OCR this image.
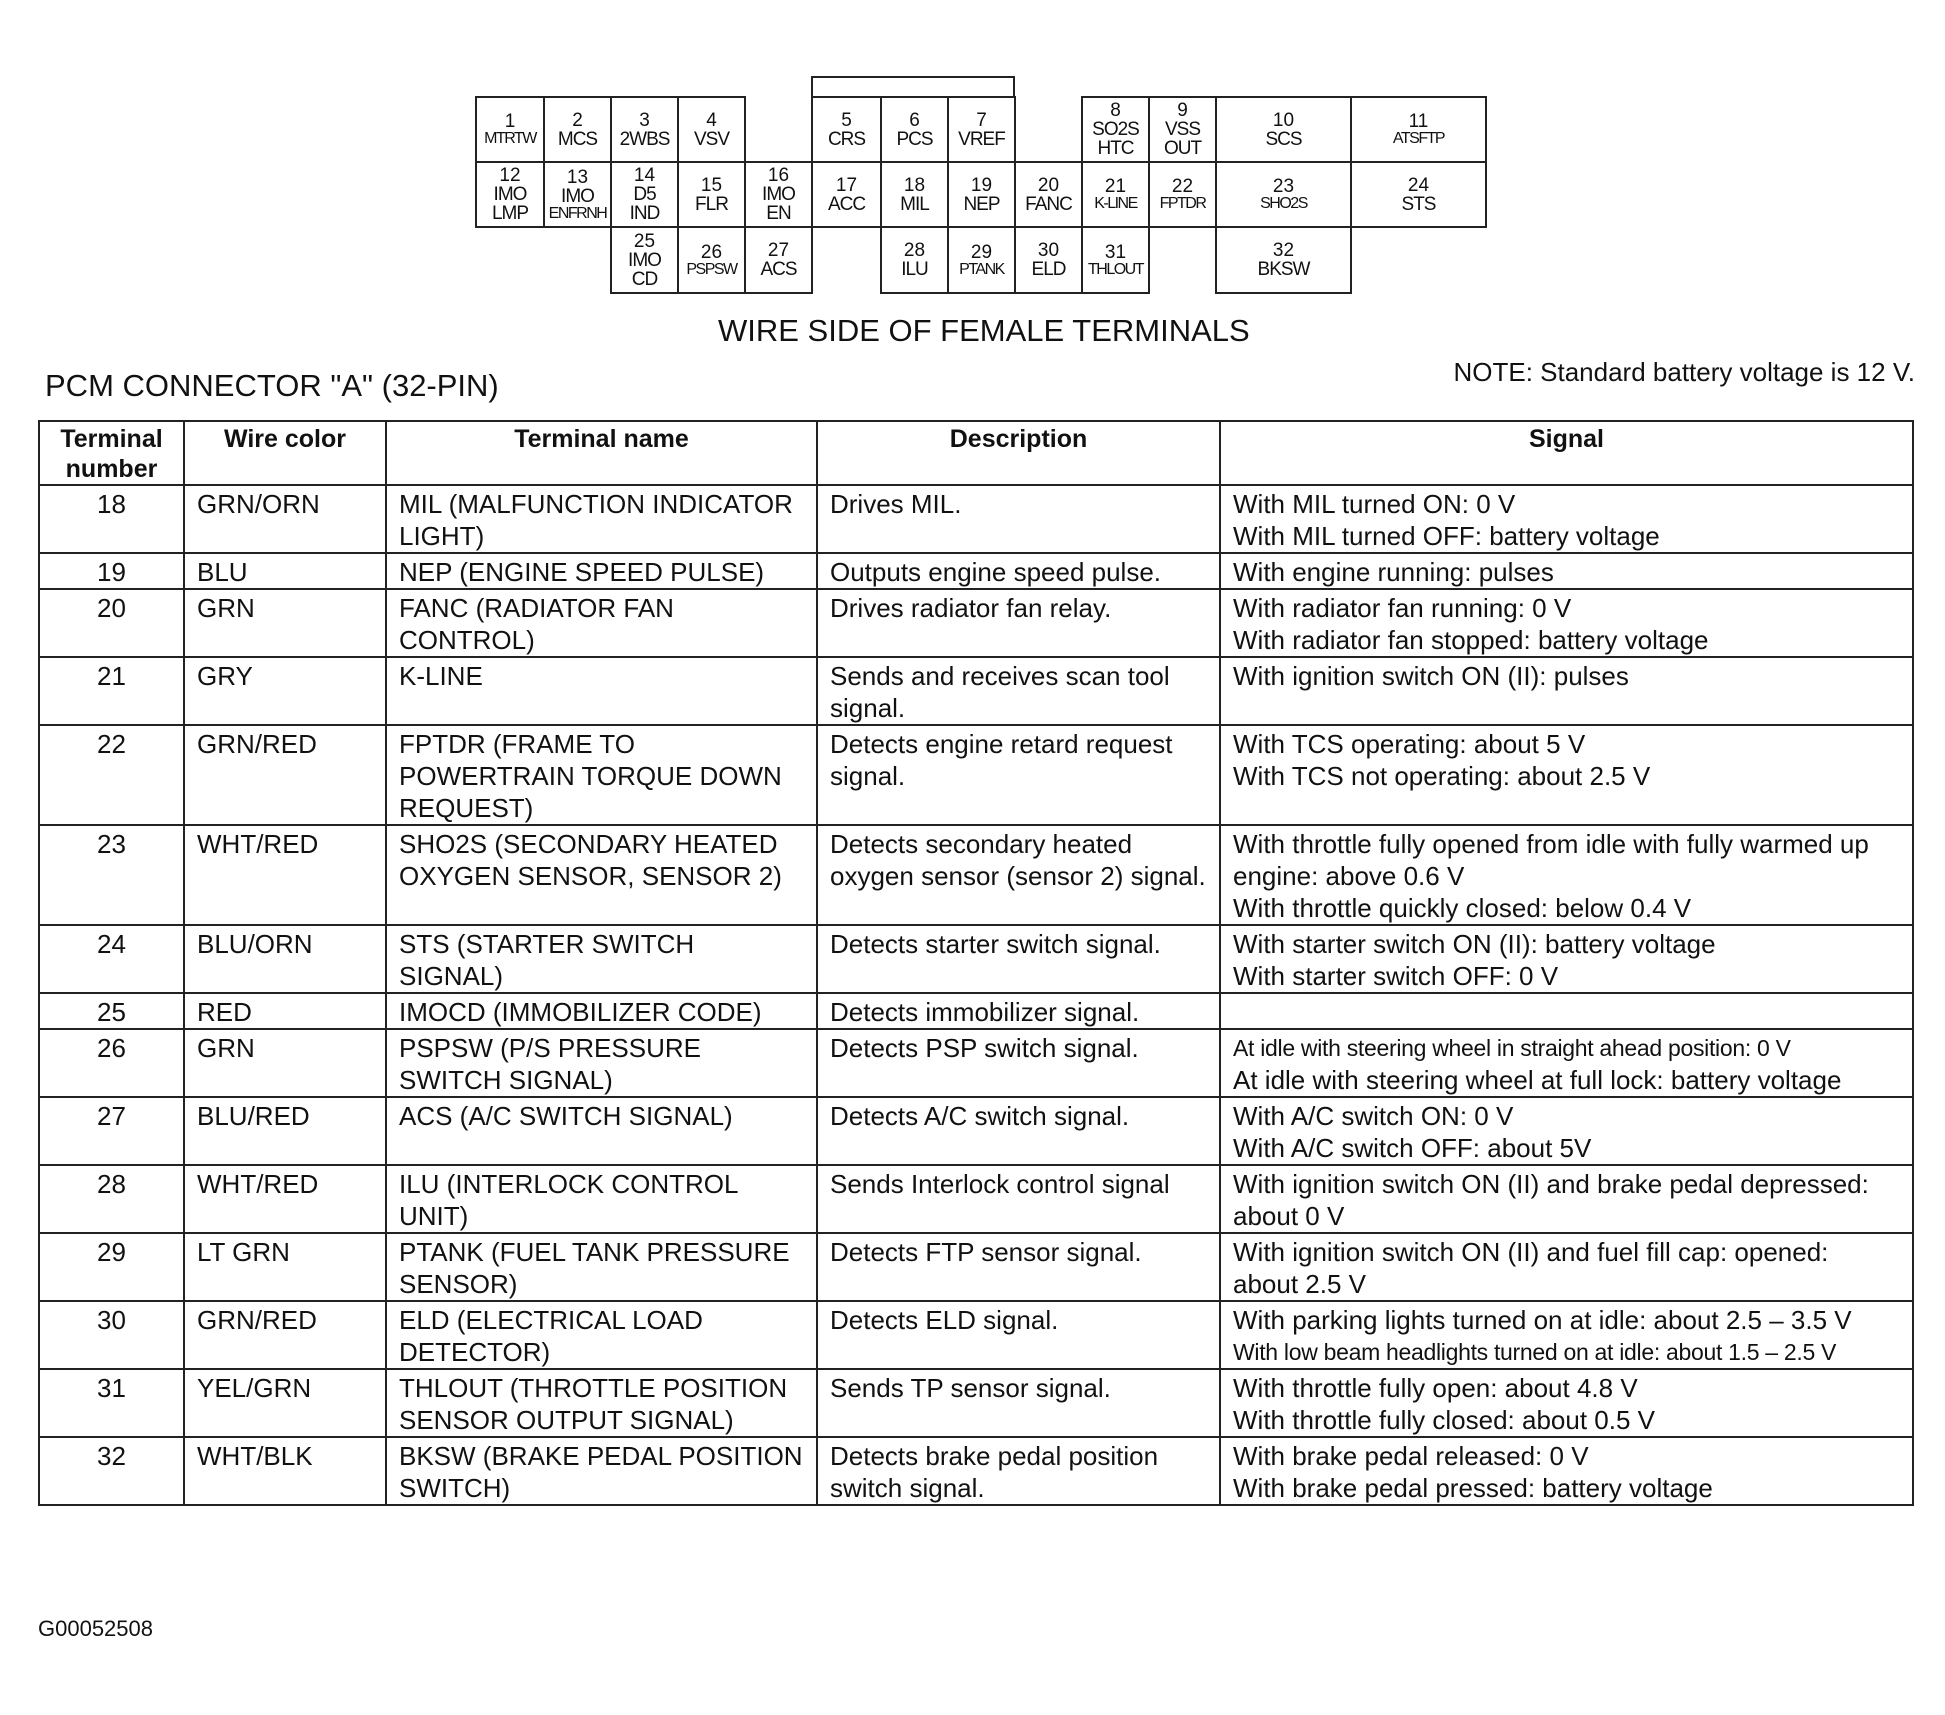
1
MTRTW
2
MCS
3
2WBS
4
VSV
5
CRS
6
PCS
7
VREF
8
SO2S
HTC
9
VSS
OUT
10
SCS
11
ATSFTP
12
IMO
LMP
13
IMO
ENFRNH
14
D5
IND
15
FLR
16
IMO
EN
17
ACC
18
MIL
19
NEP
20
FANC
21
K-LINE
22
FPTDR
23
SHO2S
24
STS
25
IMO
CD
26
PSPSW
27
ACS
28
ILU
29
PTANK
30
ELD
31
THLOUT
32
BKSW
WIRE SIDE OF FEMALE TERMINALS
PCM CONNECTOR "A" (32-PIN)	NOTE: Standard battery voltage is 12 V.
Terminal number	Wire color	Terminal name	Description	Signal
18	GRN/ORN	MIL (MALFUNCTION INDICATOR LIGHT)	Drives MIL.	With MIL turned ON: 0 V
With MIL turned OFF: battery voltage

19	BLU	NEP (ENGINE SPEED PULSE)	Outputs engine speed pulse.	With engine running: pulses

20	GRN	FANC (RADIATOR FAN CONTROL)	Drives radiator fan relay.	With radiator fan running: 0 V
With radiator fan stopped: battery voltage

21	GRY	K-LINE	Sends and receives scan tool signal.	With ignition switch ON (II): pulses

22	GRN/RED	FPTDR (FRAME TO POWERTRAIN TORQUE DOWN REQUEST)	Detects engine retard request signal.	With TCS operating: about 5 V
With TCS not operating: about 2.5 V

23	WHT/RED	SHO2S (SECONDARY HEATED OXYGEN SENSOR, SENSOR 2)	Detects secondary heated oxygen sensor (sensor 2) signal.	With throttle fully opened from idle with fully warmed up engine: above 0.6 V
With throttle quickly closed: below 0.4 V

24	BLU/ORN	STS (STARTER SWITCH SIGNAL)	Detects starter switch signal.	With starter switch ON (II): battery voltage
With starter switch OFF: 0 V

25	RED	IMOCD (IMMOBILIZER CODE)	Detects immobilizer signal.	
26	GRN	PSPSW (P/S PRESSURE SWITCH SIGNAL)	Detects PSP switch signal.	At idle with steering wheel in straight ahead position: 0 V
At idle with steering wheel at full lock: battery voltage

27	BLU/RED	ACS (A/C SWITCH SIGNAL)	Detects A/C switch signal.	With A/C switch ON: 0 V
With A/C switch OFF: about 5V

28	WHT/RED	ILU (INTERLOCK CONTROL UNIT)	Sends Interlock control signal	With ignition switch ON (II) and brake pedal depressed: about 0 V

29	LT GRN	PTANK (FUEL TANK PRESSURE SENSOR)	Detects FTP sensor signal.	With ignition switch ON (II) and fuel fill cap: opened: about 2.5 V

30	GRN/RED	ELD (ELECTRICAL LOAD DETECTOR)	Detects ELD signal.	With parking lights turned on at idle: about 2.5 – 3.5 V
With low beam headlights turned on at idle: about 1.5 – 2.5 V

31	YEL/GRN	THLOUT (THROTTLE POSITION SENSOR OUTPUT SIGNAL)	Sends TP sensor signal.	With throttle fully open: about 4.8 V
With throttle fully closed: about 0.5 V

32	WHT/BLK	BKSW (BRAKE PEDAL POSITION SWITCH)	Detects brake pedal position switch signal.	With brake pedal released: 0 V
With brake pedal pressed: battery voltage
G00052508
